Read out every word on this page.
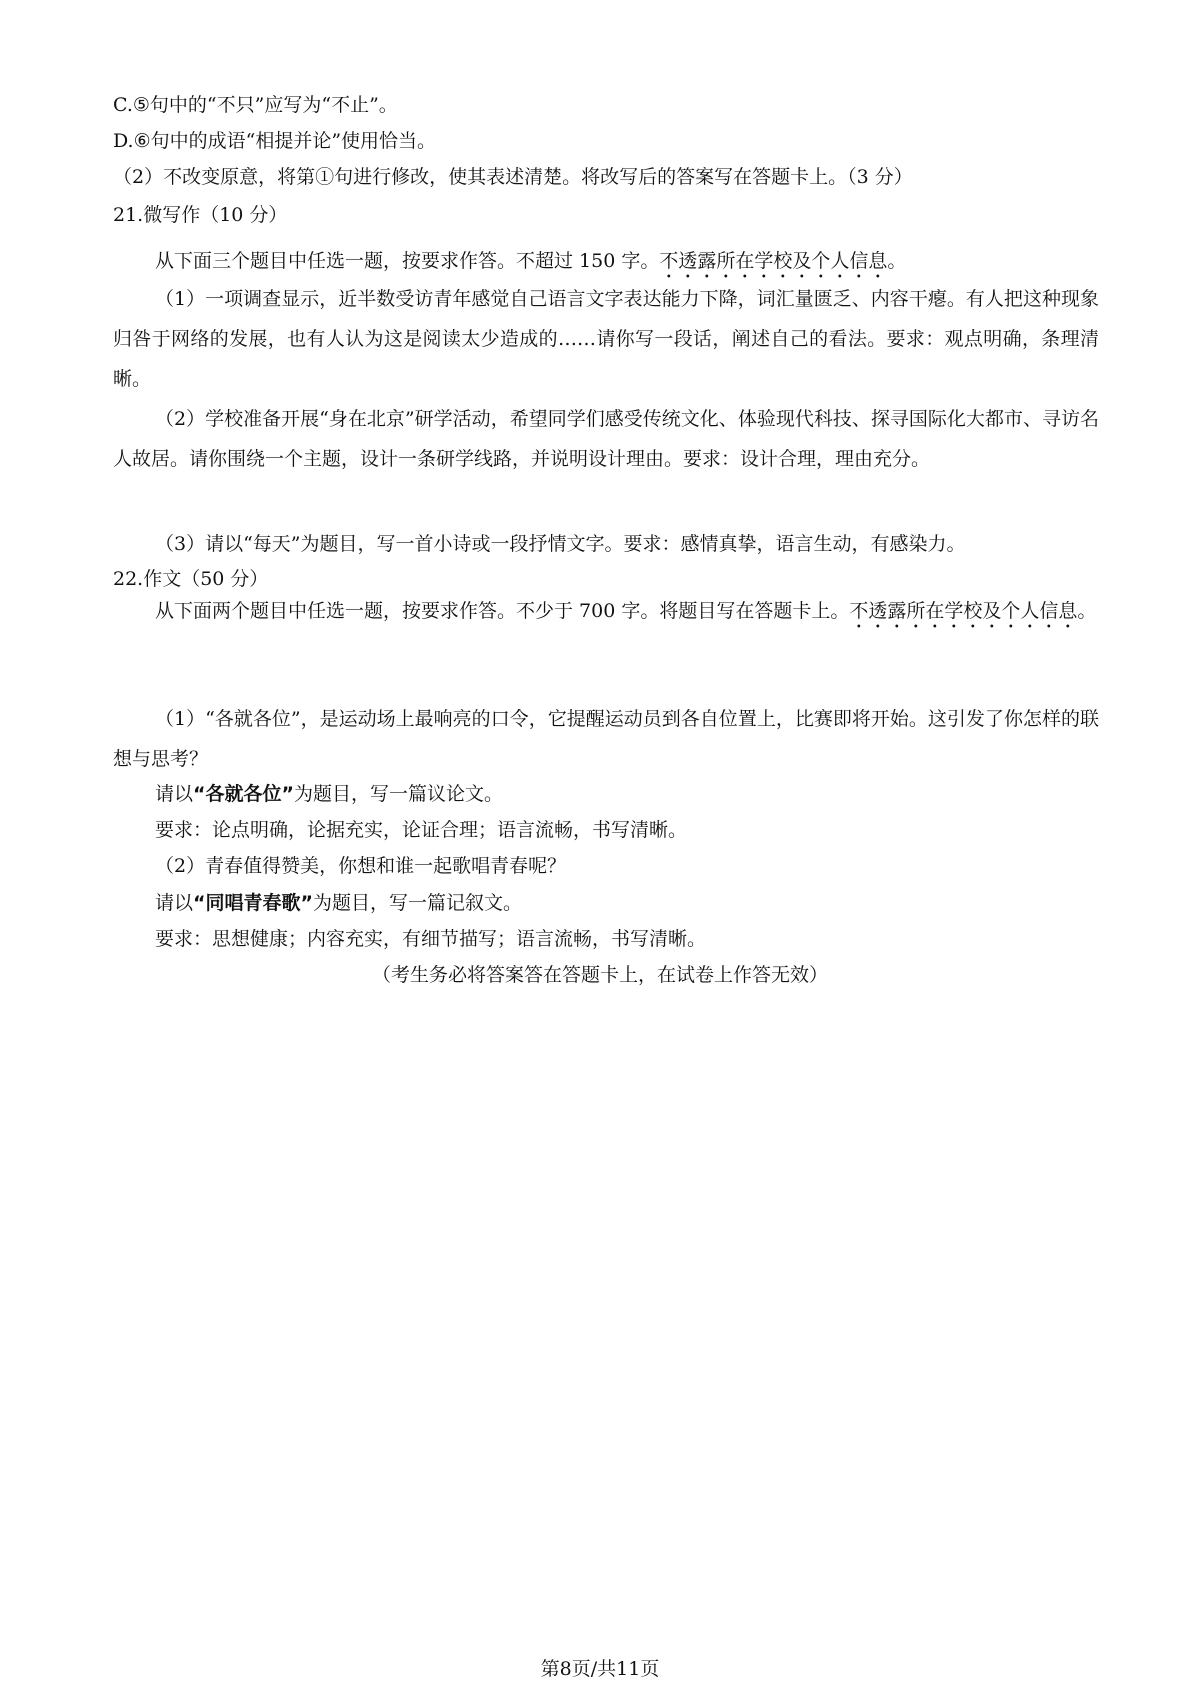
C.⑤句中的“不只”应写为“不止”。
D.⑥句中的成语“相提并论”使用恰当。
（2）不改变原意，将第①句进行修改，使其表述清楚。将改写后的答案写在答题卡上。（3 分）
21.微写作（10 分）
从下面三个题目中任选一题，按要求作答。不超过 150 字。不透露所在学校及个人信息。
（1）一项调查显示，近半数受访青年感觉自己语言文字表达能力下降，词汇量匮乏、内容干瘪。有人把这种现象归咎于网络的发展，也有人认为这是阅读太少造成的……请你写一段话，阐述自己的看法。要求：观点明确，条理清晰。
（2）学校准备开展“身在北京”研学活动，希望同学们感受传统文化、体验现代科技、探寻国际化大都市、寻访名人故居。请你围绕一个主题，设计一条研学线路，并说明设计理由。要求：设计合理，理由充分。
（3）请以“每天”为题目，写一首小诗或一段抒情文字。要求：感情真挚，语言生动，有感染力。
22.作文（50 分）
从下面两个题目中任选一题，按要求作答。不少于 700 字。将题目写在答题卡上。不透露所在学校及个人信息。
（1）“各就各位”，是运动场上最响亮的口令，它提醒运动员到各自位置上，比赛即将开始。这引发了你怎样的联想与思考？
请以“各就各位”为题目，写一篇议论文。
要求：论点明确，论据充实，论证合理；语言流畅，书写清晰。
（2）青春值得赞美，你想和谁一起歌唱青春呢？
请以“同唱青春歌”为题目，写一篇记叙文。
要求：思想健康；内容充实，有细节描写；语言流畅，书写清晰。
（考生务必将答案答在答题卡上，在试卷上作答无效）
第8页/共11页
